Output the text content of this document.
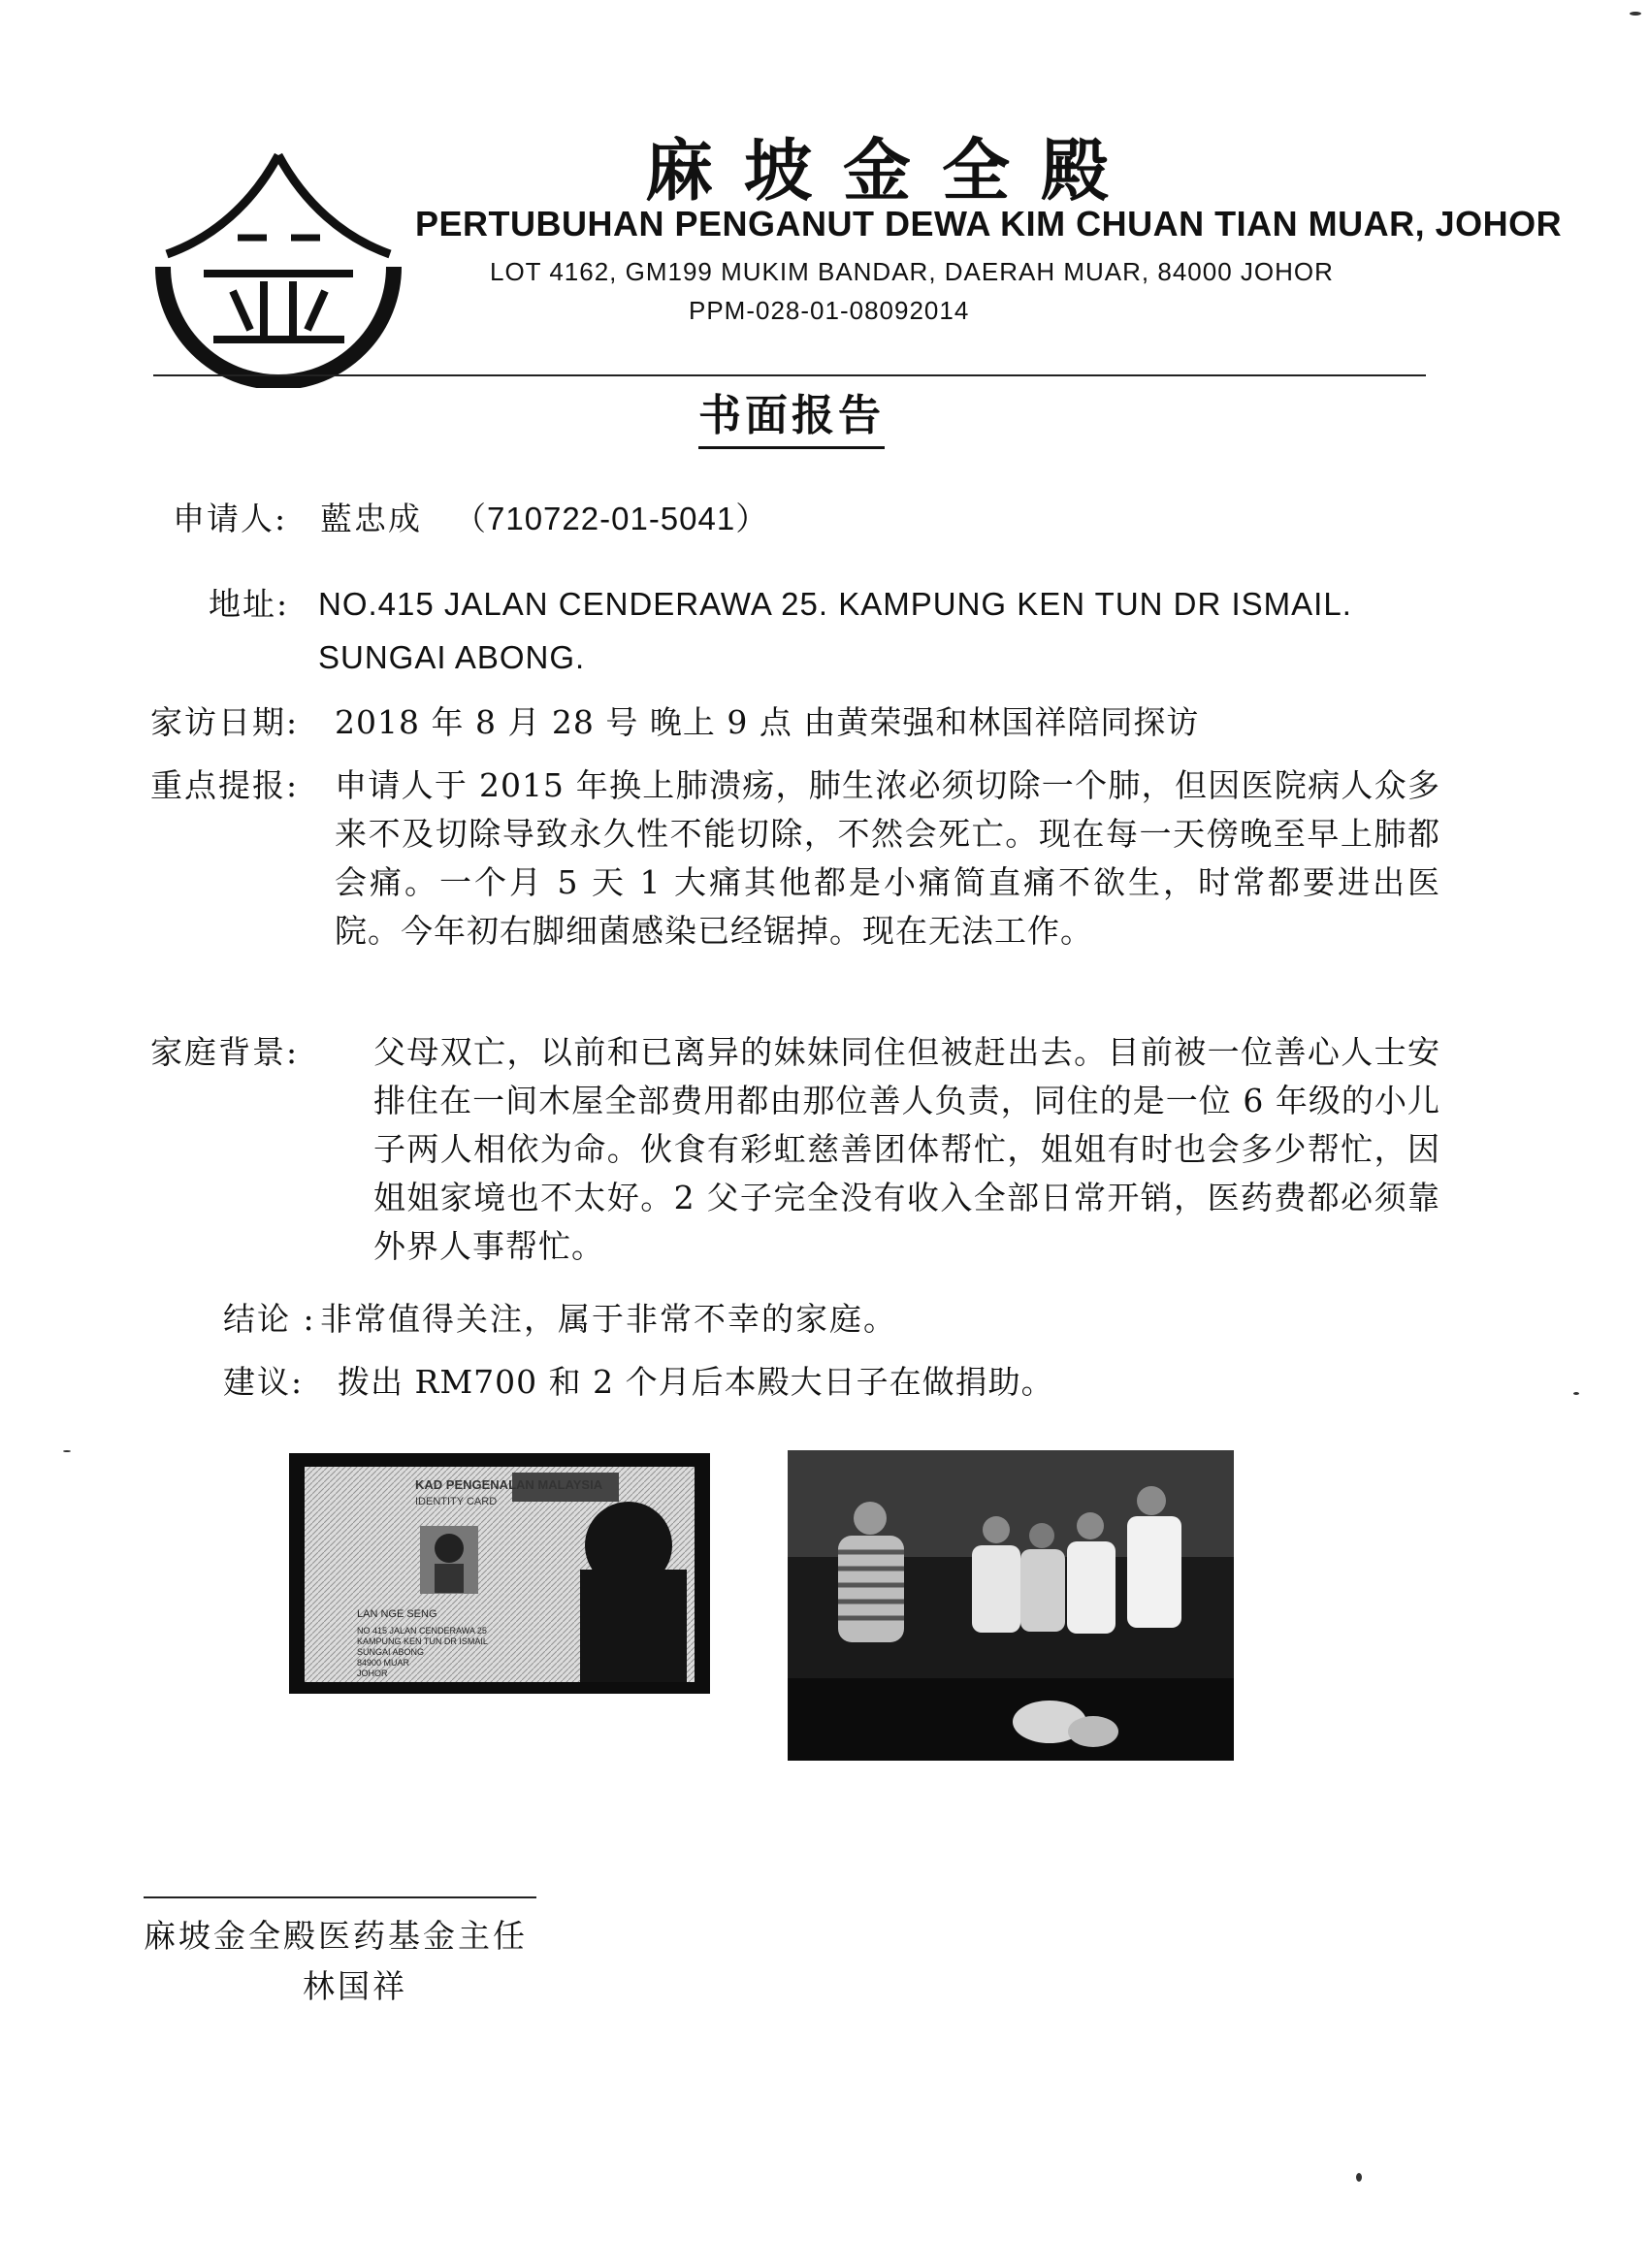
麻坡金全殿
PERTUBUHAN PENGANUT DEWA KIM CHUAN TIAN MUAR, JOHOR
LOT 4162, GM199 MUKIM BANDAR, DAERAH MUAR, 84000 JOHOR
PPM-028-01-08092014
书面报告
申请人: 藍忠成 （710722-01-5041）
地址: NO.415 JALAN CENDERAWA 25. KAMPUNG KEN TUN DR ISMAIL.
SUNGAI ABONG.
家访日期: 2018 年 8 月 28 号 晚上 9 点 由黄荣强和林国祥陪同探访
重点提报: 申请人于 2015 年换上肺溃疡，肺生浓必须切除一个肺，但因医院病人众多来不及切除导致永久性不能切除，不然会死亡。现在每一天傍晚至早上肺都会痛。一个月 5 天 1 大痛其他都是小痛简直痛不欲生，时常都要进出医院。今年初右脚细菌感染已经锯掉。现在无法工作。
家庭背景: 父母双亡，以前和已离异的妹妹同住但被赶出去。目前被一位善心人士安排住在一间木屋全部费用都由那位善人负责，同住的是一位 6 年级的小儿子两人相依为命。伙食有彩虹慈善团体帮忙，姐姐有时也会多少帮忙，因姐姐家境也不太好。2 父子完全没有收入全部日常开销，医药费都必须靠外界人事帮忙。
结论 : 非常值得关注，属于非常不幸的家庭。
建议: 拨出 RM700 和 2 个月后本殿大日子在做捐助。
KAD PENGENALAN MALAYSIA
IDENTITY CARD
LAN NGE SENG
NO 415 JALAN CENDERAWA 25
KAMPUNG KEN TUN DR ISMAIL
SUNGAI ABONG
84900 MUAR
JOHOR
麻坡金全殿医药基金主任
林国祥
